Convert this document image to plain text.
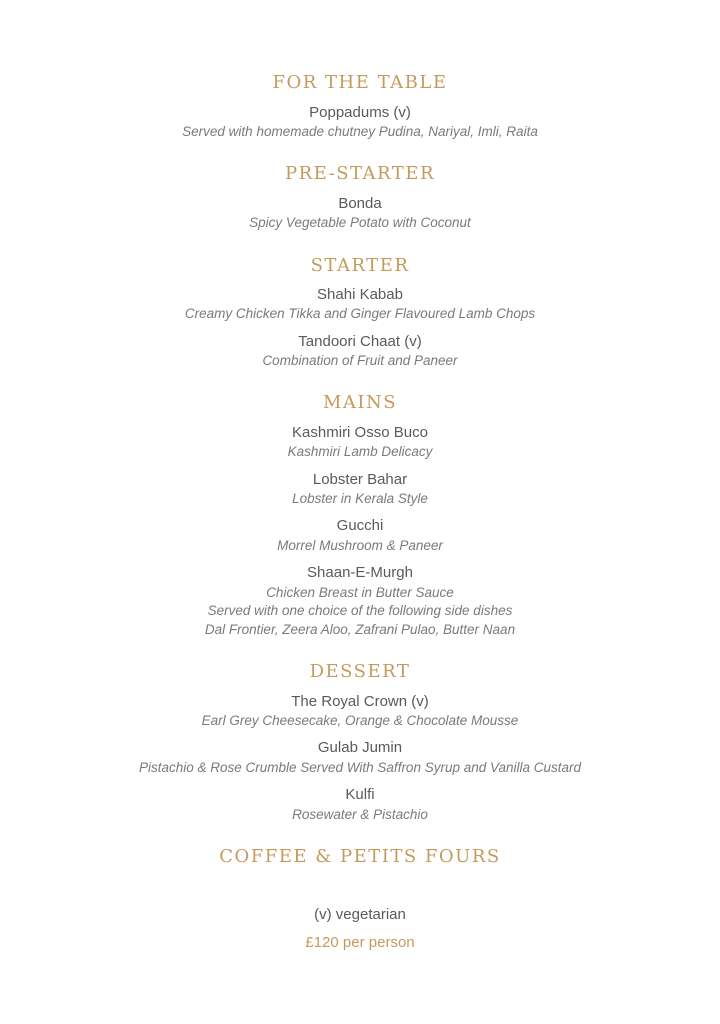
FOR THE TABLE
Poppadums (v)
Served with homemade chutney Pudina, Nariyal, Imli, Raita
PRE-STARTER
Bonda
Spicy Vegetable Potato with Coconut
STARTER
Shahi Kabab
Creamy Chicken Tikka and Ginger Flavoured Lamb Chops
Tandoori Chaat (v)
Combination of Fruit and Paneer
MAINS
Kashmiri Osso Buco
Kashmiri Lamb Delicacy
Lobster Bahar
Lobster in Kerala Style
Gucchi
Morrel Mushroom & Paneer
Shaan-E-Murgh
Chicken Breast in Butter Sauce
Served with one choice of the following side dishes
Dal Frontier, Zeera Aloo, Zafrani Pulao, Butter Naan
DESSERT
The Royal Crown (v)
Earl Grey Cheesecake, Orange & Chocolate Mousse
Gulab Jumin
Pistachio & Rose Crumble Served With Saffron Syrup and Vanilla Custard
Kulfi
Rosewater & Pistachio
COFFEE & PETITS FOURS
(v) vegetarian
£120 per person
